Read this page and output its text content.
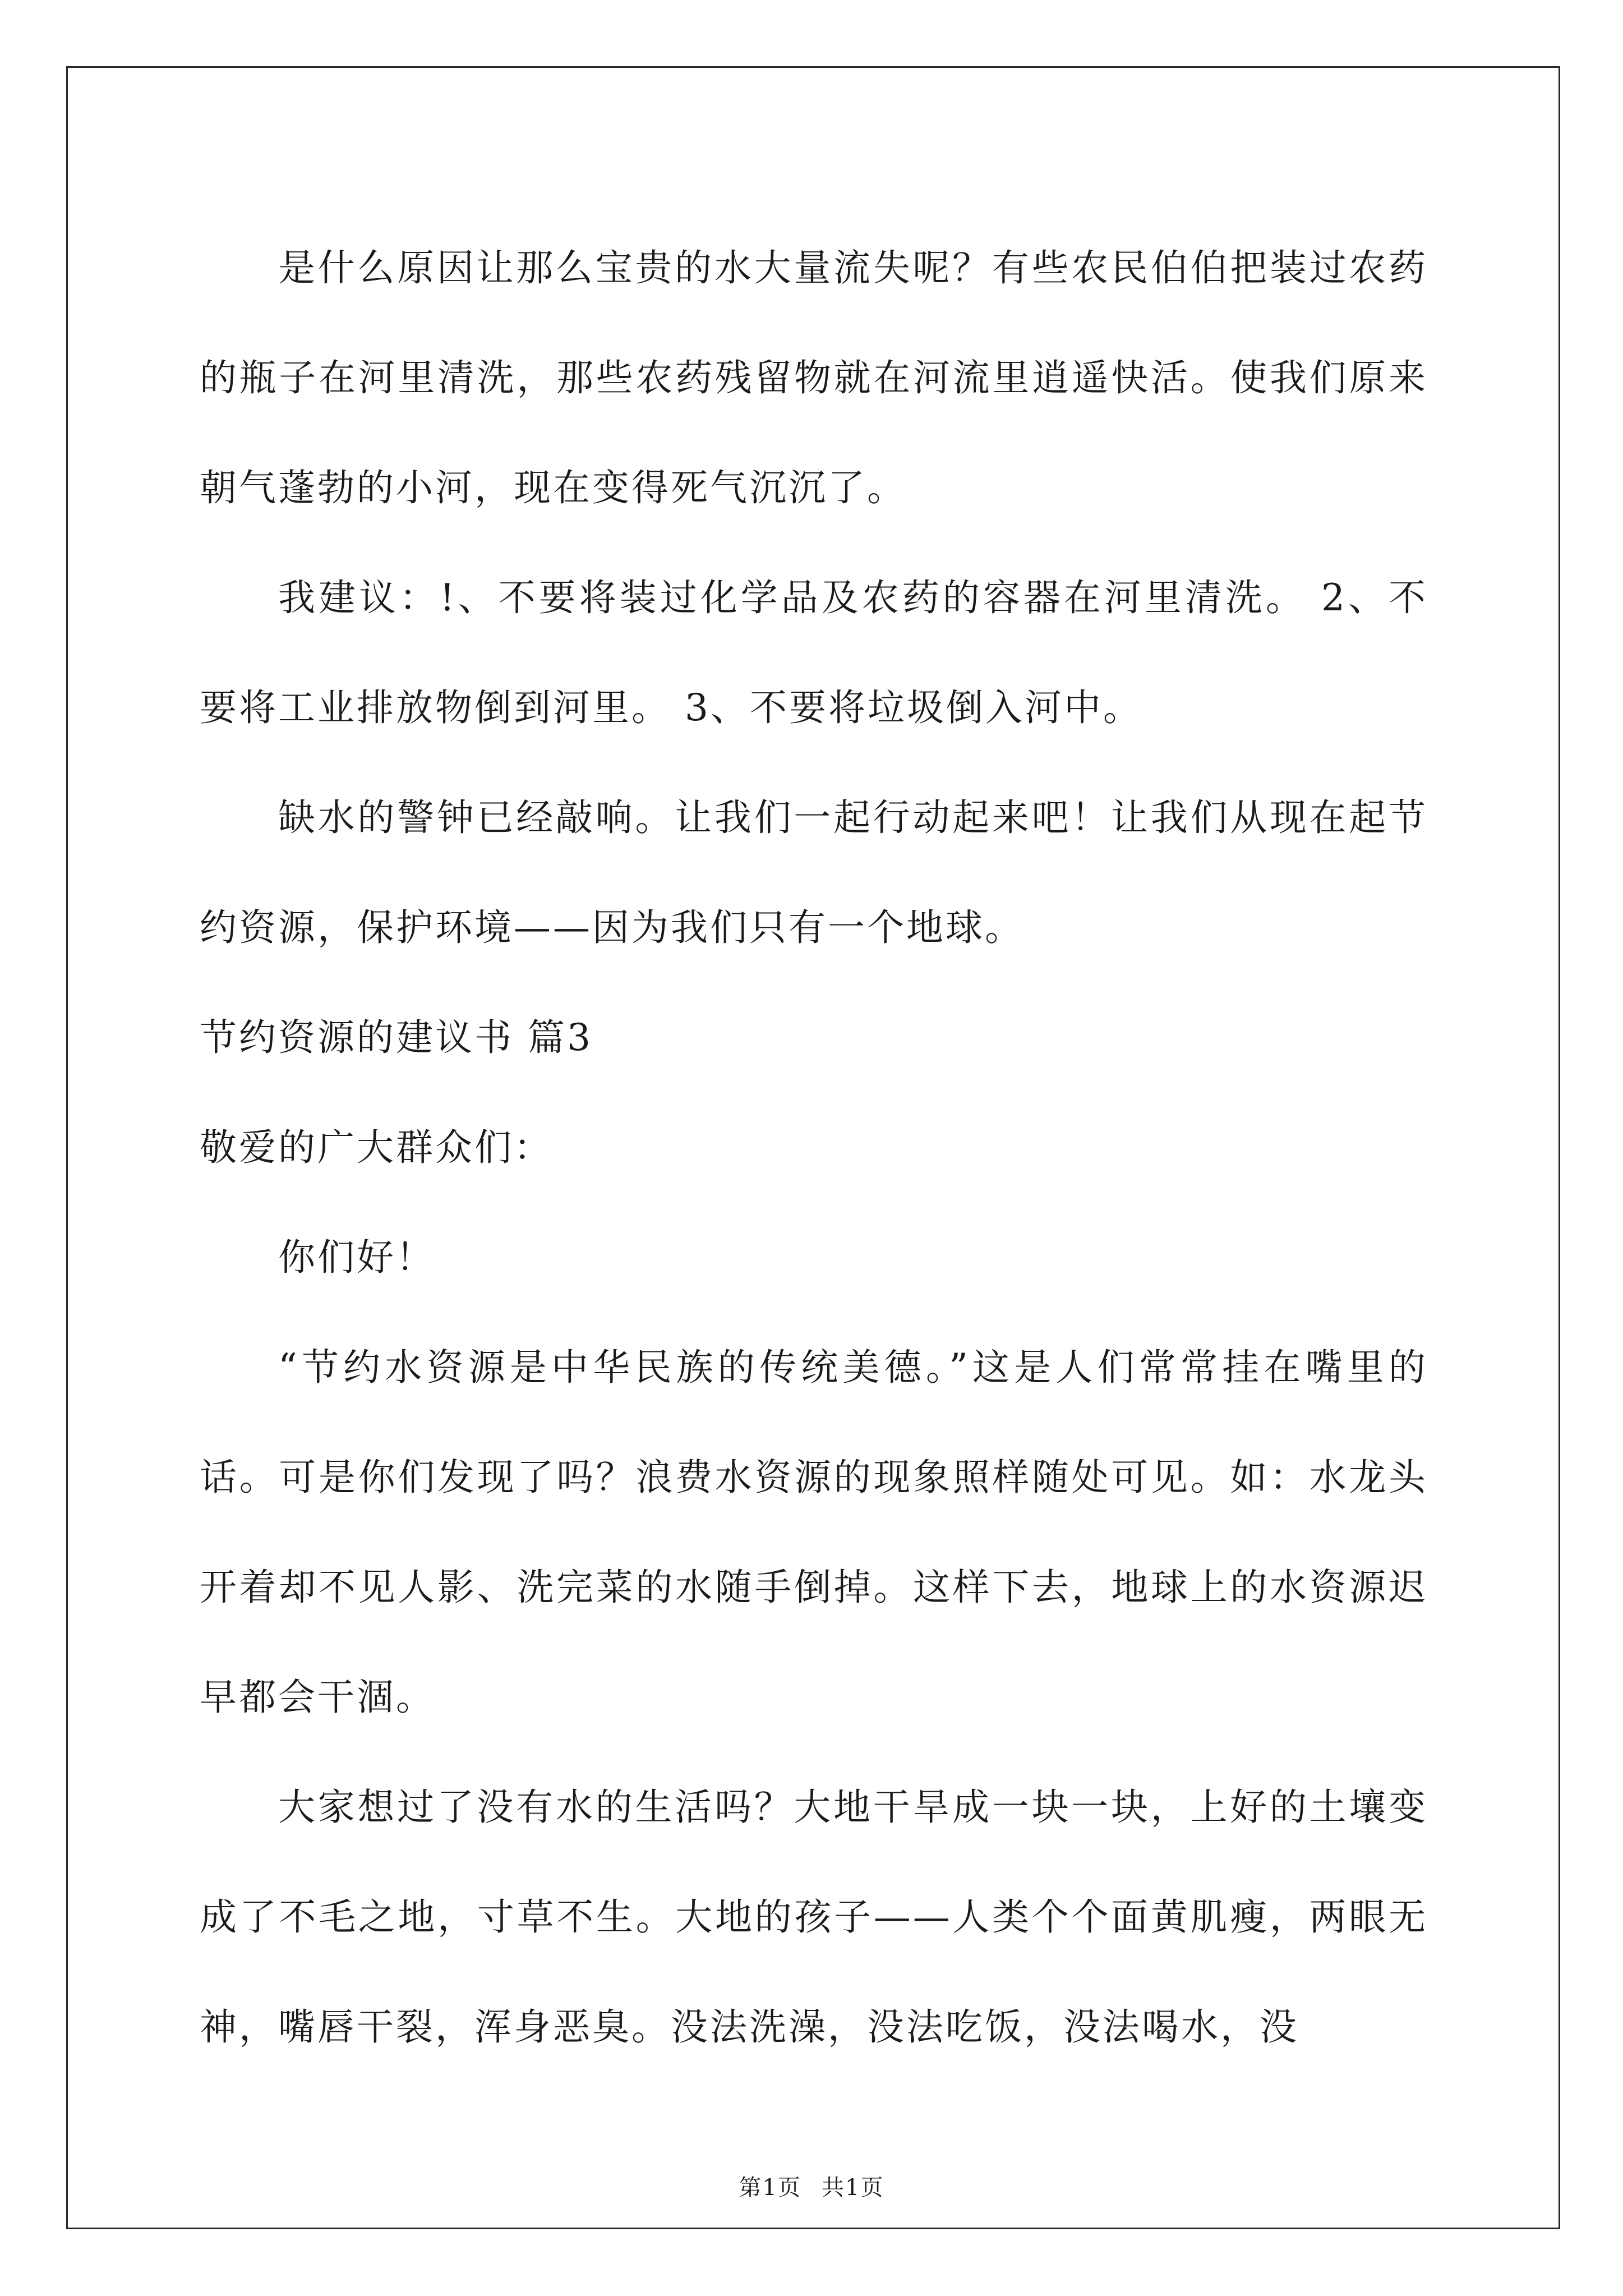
是什么原因让那么宝贵的水大量流失呢？有些农民伯伯把装过农药的瓶子在河里清洗，那些农药残留物就在河流里逍遥快活。使我们原来朝气蓬勃的小河，现在变得死气沉沉了。

我建议：!、不要将装过化学品及农药的容器在河里清洗。 2、不要将工业排放物倒到河里。 3、不要将垃圾倒入河中。

缺水的警钟已经敲响。让我们一起行动起来吧！让我们从现在起节约资源，保护环境——因为我们只有一个地球。

节约资源的建议书 篇3

敬爱的广大群众们：

你们好！

“节约水资源是中华民族的传统美德。”这是人们常常挂在嘴里的话。可是你们发现了吗？浪费水资源的现象照样随处可见。如：水龙头开着却不见人影、洗完菜的水随手倒掉。这样下去，地球上的水资源迟早都会干涸。

大家想过了没有水的生活吗？大地干旱成一块一块，上好的土壤变成了不毛之地，寸草不生。大地的孩子——人类个个面黄肌瘦，两眼无神，嘴唇干裂，浑身恶臭。没法洗澡，没法吃饭，没法喝水，没

第1页 共1页
